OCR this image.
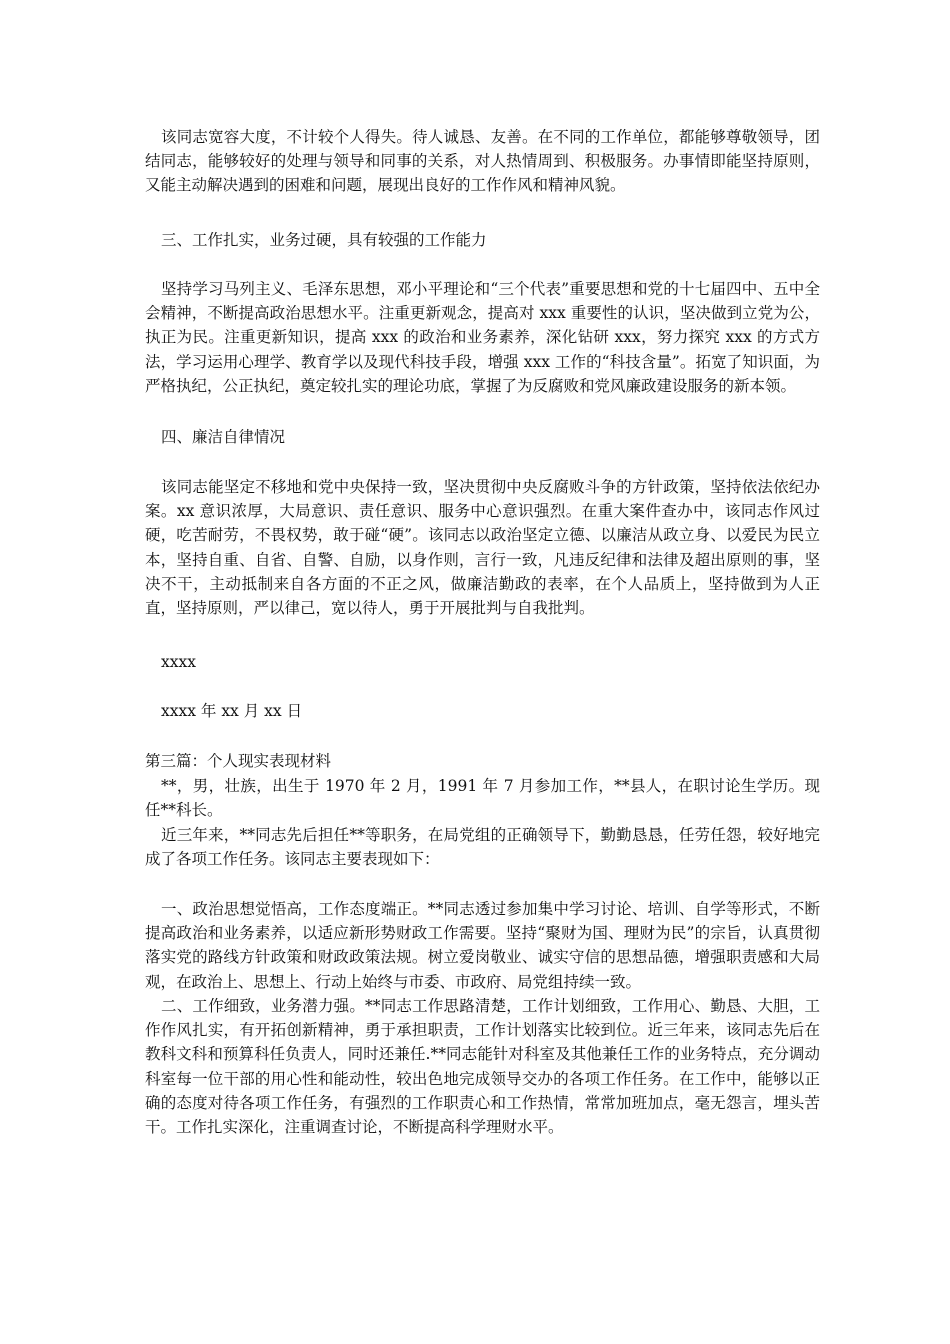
该同志宽容大度，不计较个人得失。待人诚恳、友善。在不同的工作单位，都能够尊敬领导，团结同志，能够较好的处理与领导和同事的关系，对人热情周到、积极服务。办事情即能坚持原则，又能主动解决遇到的困难和问题，展现出良好的工作作风和精神风貌。
三、工作扎实，业务过硬，具有较强的工作能力
坚持学习马列主义、毛泽东思想，邓小平理论和“三个代表”重要思想和党的十七届四中、五中全会精神，不断提高政治思想水平。注重更新观念，提高对 xxx 重要性的认识，坚决做到立党为公，执正为民。注重更新知识，提高 xxx 的政治和业务素养，深化钻研 xxx，努力探究 xxx 的方式方法，学习运用心理学、教育学以及现代科技手段，增强 xxx 工作的“科技含量”。拓宽了知识面，为严格执纪，公正执纪，奠定较扎实的理论功底，掌握了为反腐败和党风廉政建设服务的新本领。
四、廉洁自律情况
该同志能坚定不移地和党中央保持一致，坚决贯彻中央反腐败斗争的方针政策，坚持依法依纪办案。xx 意识浓厚，大局意识、责任意识、服务中心意识强烈。在重大案件查办中，该同志作风过硬，吃苦耐劳，不畏权势，敢于碰“硬”。该同志以政治坚定立德、以廉洁从政立身、以爱民为民立本，坚持自重、自省、自警、自励，以身作则，言行一致，凡违反纪律和法律及超出原则的事，坚决不干，主动抵制来自各方面的不正之风，做廉洁勤政的表率，在个人品质上，坚持做到为人正直，坚持原则，严以律己，宽以待人，勇于开展批判与自我批判。
xxxx
xxxx 年 xx 月 xx 日
第三篇：个人现实表现材料
**，男，壮族，出生于 1970 年 2 月，1991 年 7 月参加工作，**县人，在职讨论生学历。现任**科长。
近三年来，**同志先后担任**等职务，在局党组的正确领导下，勤勤恳恳，任劳任怨，较好地完成了各项工作任务。该同志主要表现如下：
一、政治思想觉悟高，工作态度端正。**同志透过参加集中学习讨论、培训、自学等形式，不断提高政治和业务素养，以适应新形势财政工作需要。坚持“聚财为国、理财为民”的宗旨，认真贯彻落实党的路线方针政策和财政政策法规。树立爱岗敬业、诚实守信的思想品德，增强职责感和大局观，在政治上、思想上、行动上始终与市委、市政府、局党组持续一致。
二、工作细致，业务潜力强。**同志工作思路清楚，工作计划细致，工作用心、勤恳、大胆，工作作风扎实，有开拓创新精神，勇于承担职责，工作计划落实比较到位。近三年来，该同志先后在教科文科和预算科任负责人，同时还兼任.**同志能针对科室及其他兼任工作的业务特点，充分调动科室每一位干部的用心性和能动性，较出色地完成领导交办的各项工作任务。在工作中，能够以正确的态度对待各项工作任务，有强烈的工作职责心和工作热情，常常加班加点，毫无怨言，埋头苦干。工作扎实深化，注重调查讨论，不断提高科学理财水平。
